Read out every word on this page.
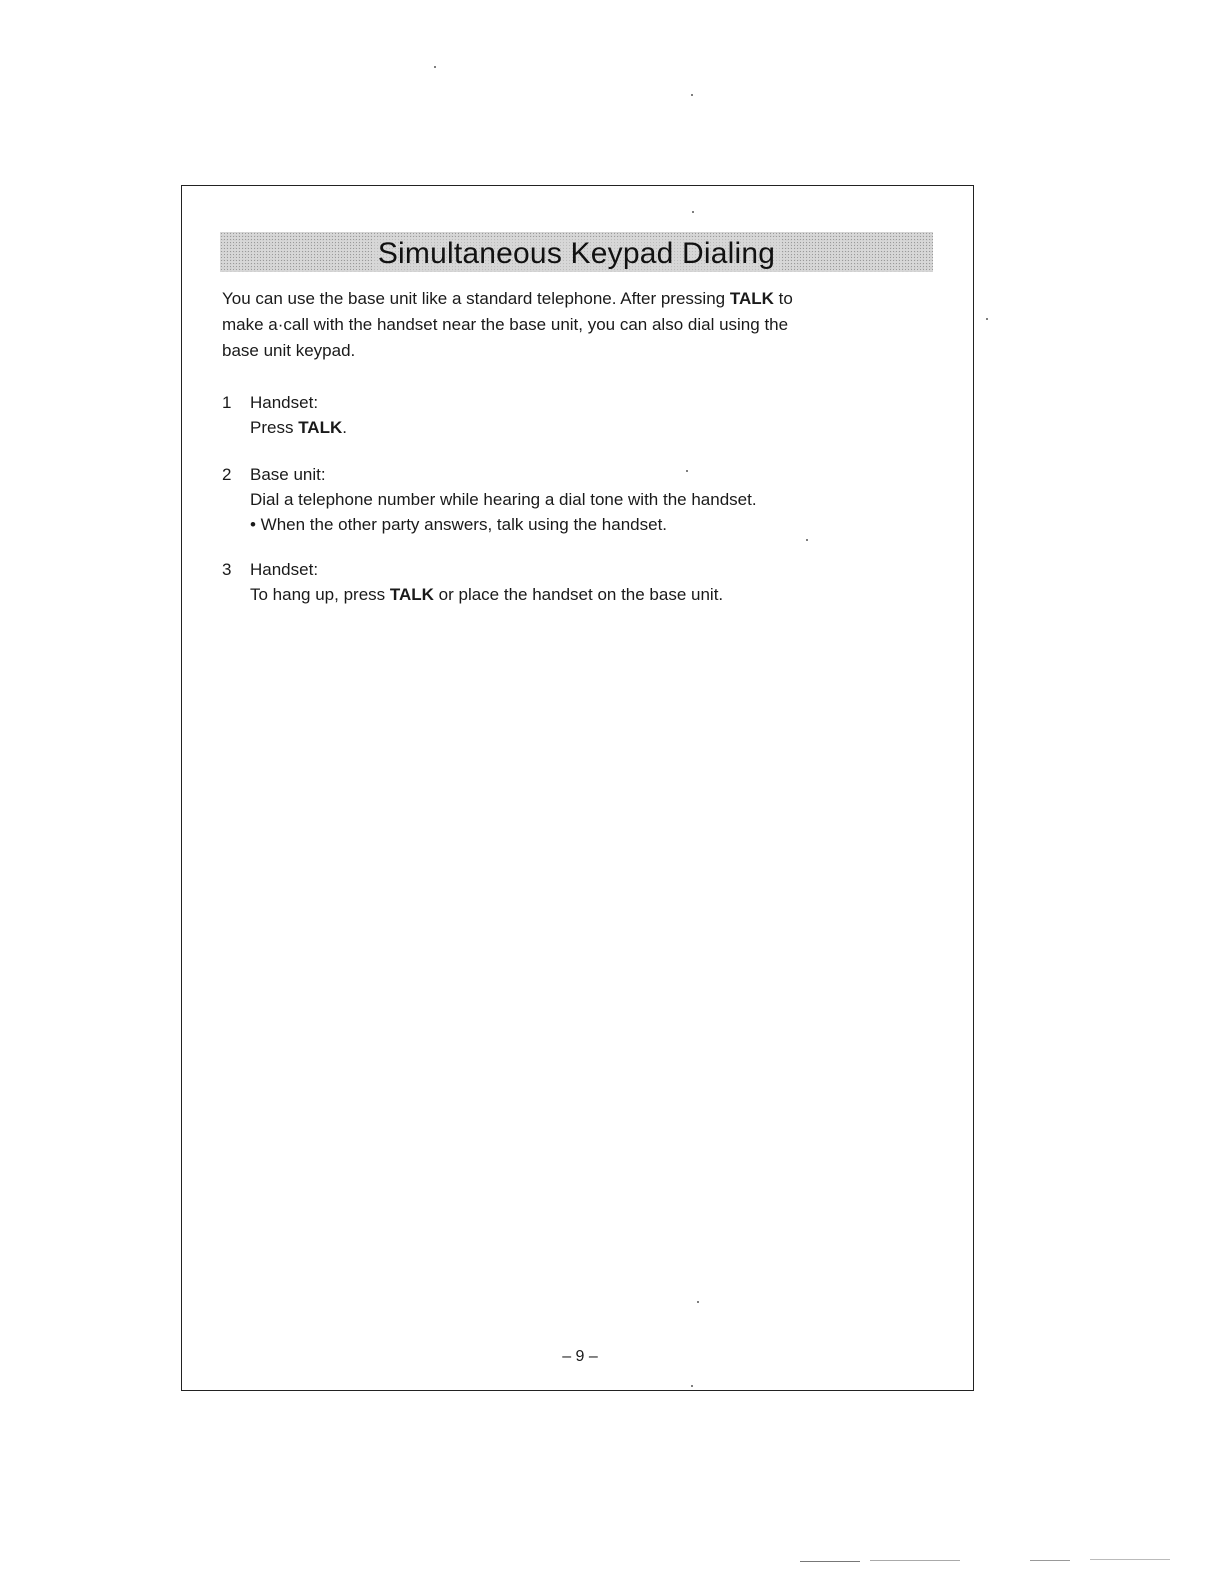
Simultaneous Keypad Dialing

You can use the base unit like a standard telephone. After pressing TALK to
make a·call with the handset near the base unit, you can also dial using the
base unit keypad.

1	Handset:
Press TALK.
2	Base unit:
Dial a telephone number while hearing a dial tone with the handset.
• When the other party answers, talk using the handset.
3	Handset:
To hang up, press TALK or place the handset on the base unit.
– 9 –
